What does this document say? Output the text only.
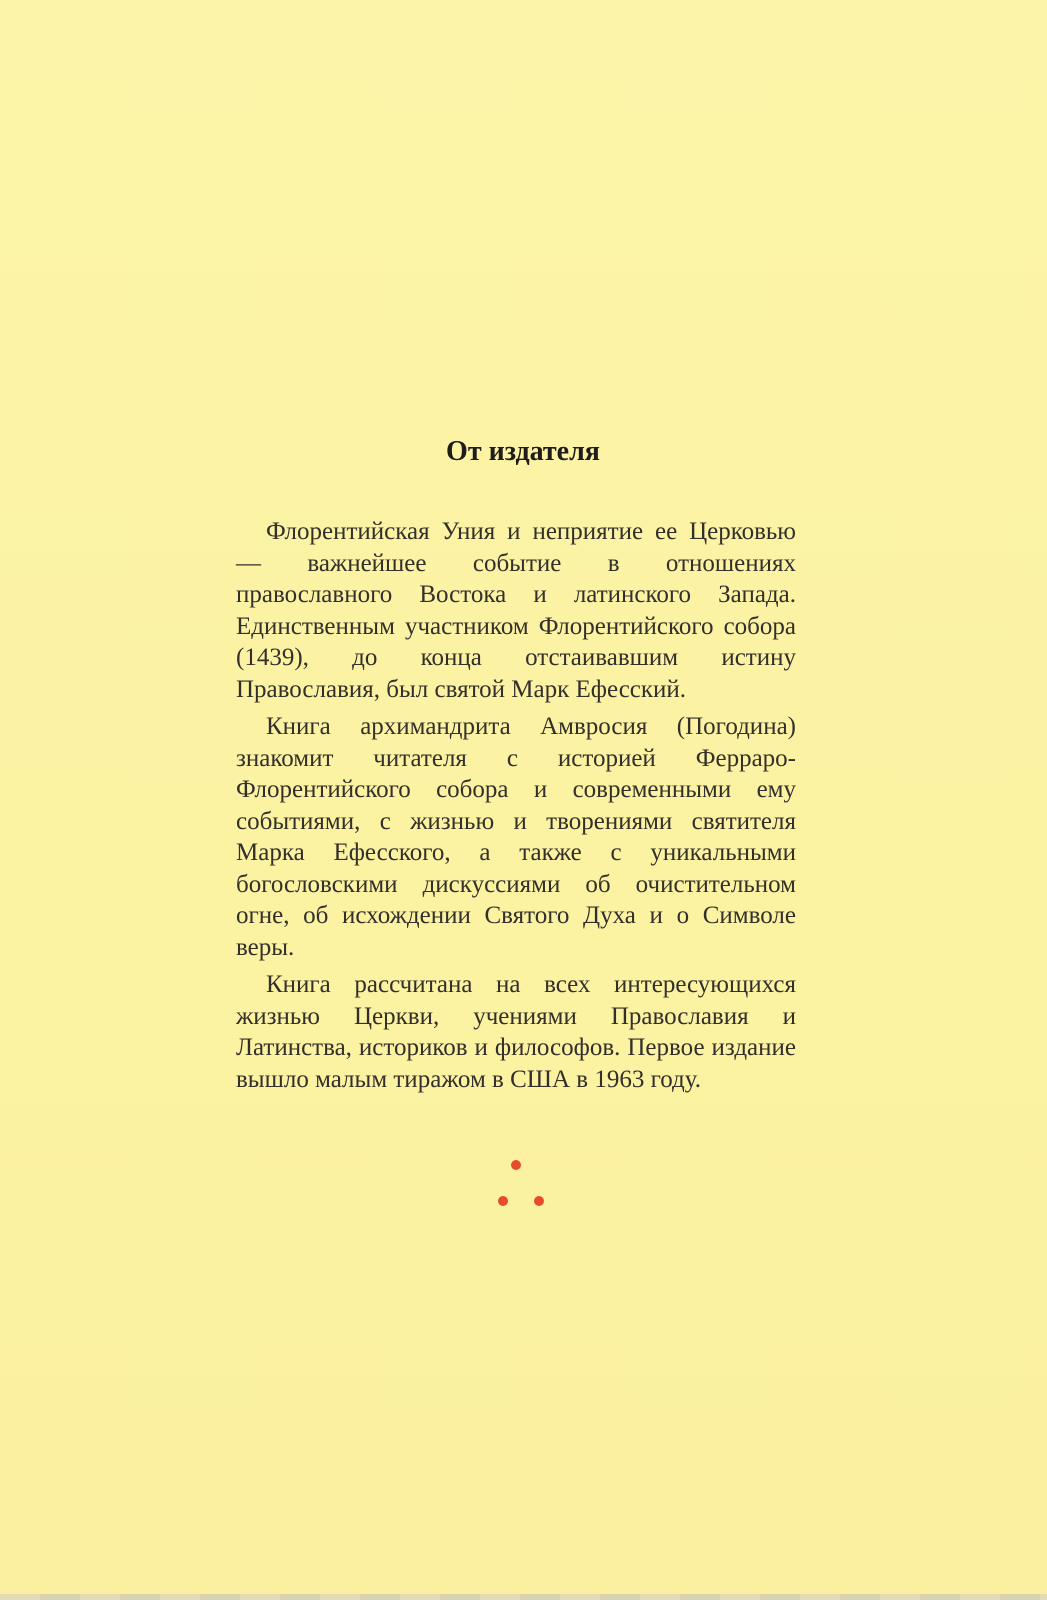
От издателя

Флорентийская Уния и неприятие ее Церковью — важнейшее событие в отношениях православного Востока и латинского Запада. Единственным участником Флорентийского собора (1439), до конца отстаивавшим истину Православия, был святой Марк Ефесский.

Книга архимандрита Амвросия (Погодина) знакомит читателя с историей Ферраро-Флорентийского собора и современными ему событиями, с жизнью и творениями святителя Марка Ефесского, а также с уникальными богословскими дискуссиями об очистительном огне, об исхождении Святого Духа и о Символе веры.

Книга рассчитана на всех интересующихся жизнью Церкви, учениями Православия и Латинства, историков и философов. Первое издание вышло малым тиражом в США в 1963 году.
